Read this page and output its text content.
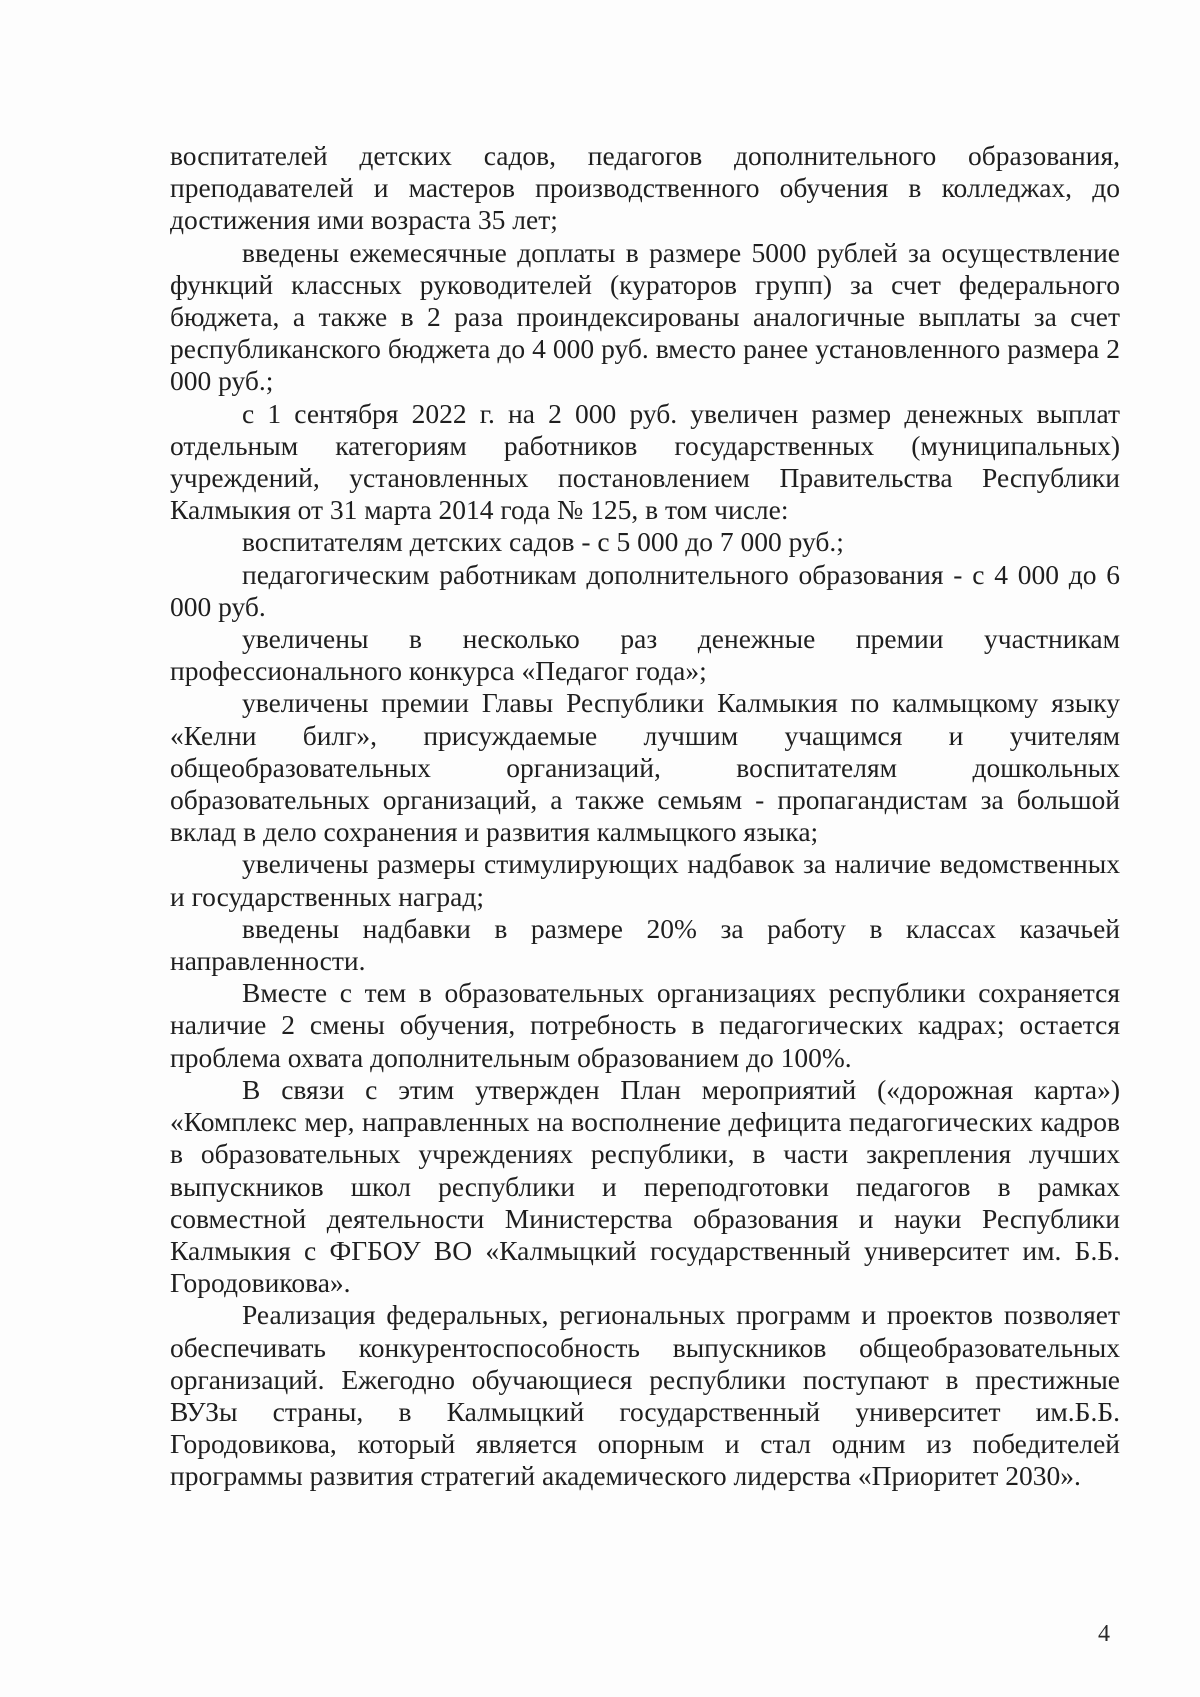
воспитателей детских садов, педагогов дополнительного образования, преподавателей и мастеров производственного обучения в колледжах, до достижения ими возраста 35 лет;

введены ежемесячные доплаты в размере 5000 рублей за осуществление функций классных руководителей (кураторов групп) за счет федерального бюджета, а также в 2 раза проиндексированы аналогичные выплаты за счет республиканского бюджета до 4 000 руб. вместо ранее установленного размера 2 000 руб.;

с 1 сентября 2022 г. на 2 000 руб. увеличен размер денежных выплат отдельным категориям работников государственных (муниципальных) учреждений, установленных постановлением Правительства Республики Калмыкия от 31 марта 2014 года № 125, в том числе:

воспитателям детских садов - с 5 000 до 7 000 руб.;

педагогическим работникам дополнительного образования - с 4 000 до 6 000 руб.

увеличены в несколько раз денежные премии участникам профессионального конкурса «Педагог года»;

увеличены премии Главы Республики Калмыкия по калмыцкому языку «Келни билг», присуждаемые лучшим учащимся и учителям общеобразовательных организаций, воспитателям дошкольных образовательных организаций, а также семьям - пропагандистам за большой вклад в дело сохранения и развития калмыцкого языка;

увеличены размеры стимулирующих надбавок за наличие ведомственных и государственных наград;

введены надбавки в размере 20% за работу в классах казачьей направленности.

Вместе с тем в образовательных организациях республики сохраняется наличие 2 смены обучения, потребность в педагогических кадрах; остается проблема охвата дополнительным образованием до 100%.

В связи с этим утвержден План мероприятий («дорожная карта») «Комплекс мер, направленных на восполнение дефицита педагогических кадров в образовательных учреждениях республики, в части закрепления лучших выпускников школ республики и переподготовки педагогов в рамках совместной деятельности Министерства образования и науки Республики Калмыкия с ФГБОУ ВО «Калмыцкий государственный университет им. Б.Б. Городовикова».

Реализация федеральных, региональных программ и проектов позволяет обеспечивать конкурентоспособность выпускников общеобразовательных организаций. Ежегодно обучающиеся республики поступают в престижные ВУЗы страны, в Калмыцкий государственный университет им.Б.Б. Городовикова, который является опорным и стал одним из победителей программы развития стратегий академического лидерства «Приоритет 2030».

4
